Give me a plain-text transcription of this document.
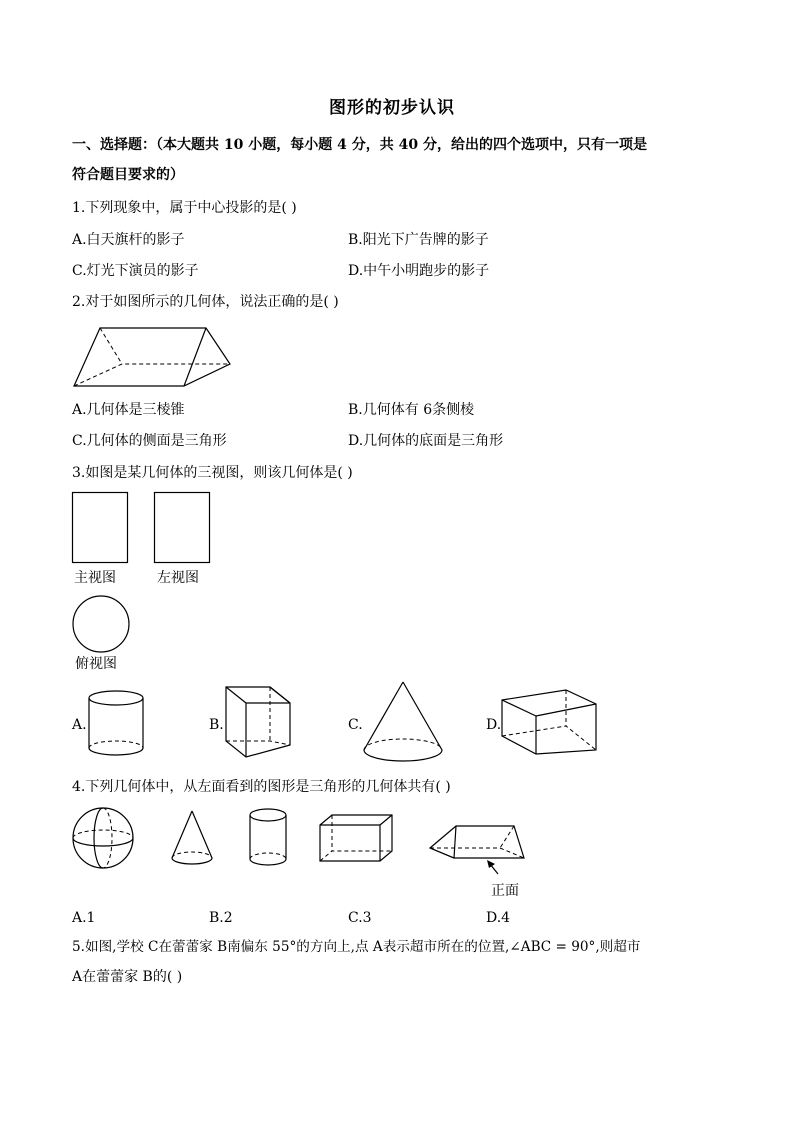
图形的初步认识
一、选择题：（本大题共 10 小题，每小题 4 分，共 40 分，给出的四个选项中，只有一项是
符合题目要求的）
1.下列现象中，属于中心投影的是( )
A.白天旗杆的影子	B.阳光下广告牌的影子
C.灯光下演员的影子	D.中午小明跑步的影子
2.对于如图所示的几何体，说法正确的是( )
A.几何体是三棱锥	B.几何体有 6条侧棱
C.几何体的侧面是三角形	D.几何体的底面是三角形
3.如图是某几何体的三视图，则该几何体是( )
主视图	左视图
俯视图
A.	B.	C.	D.
4.下列几何体中，从左面看到的图形是三角形的几何体共有( )
正面
A.1	B.2	C.3	D.4
5.如图,学校 C在蕾蕾家 B南偏东 55°的方向上,点 A表示超市所在的位置,∠ABC = 90°,则超市
A在蕾蕾家 B的( )
